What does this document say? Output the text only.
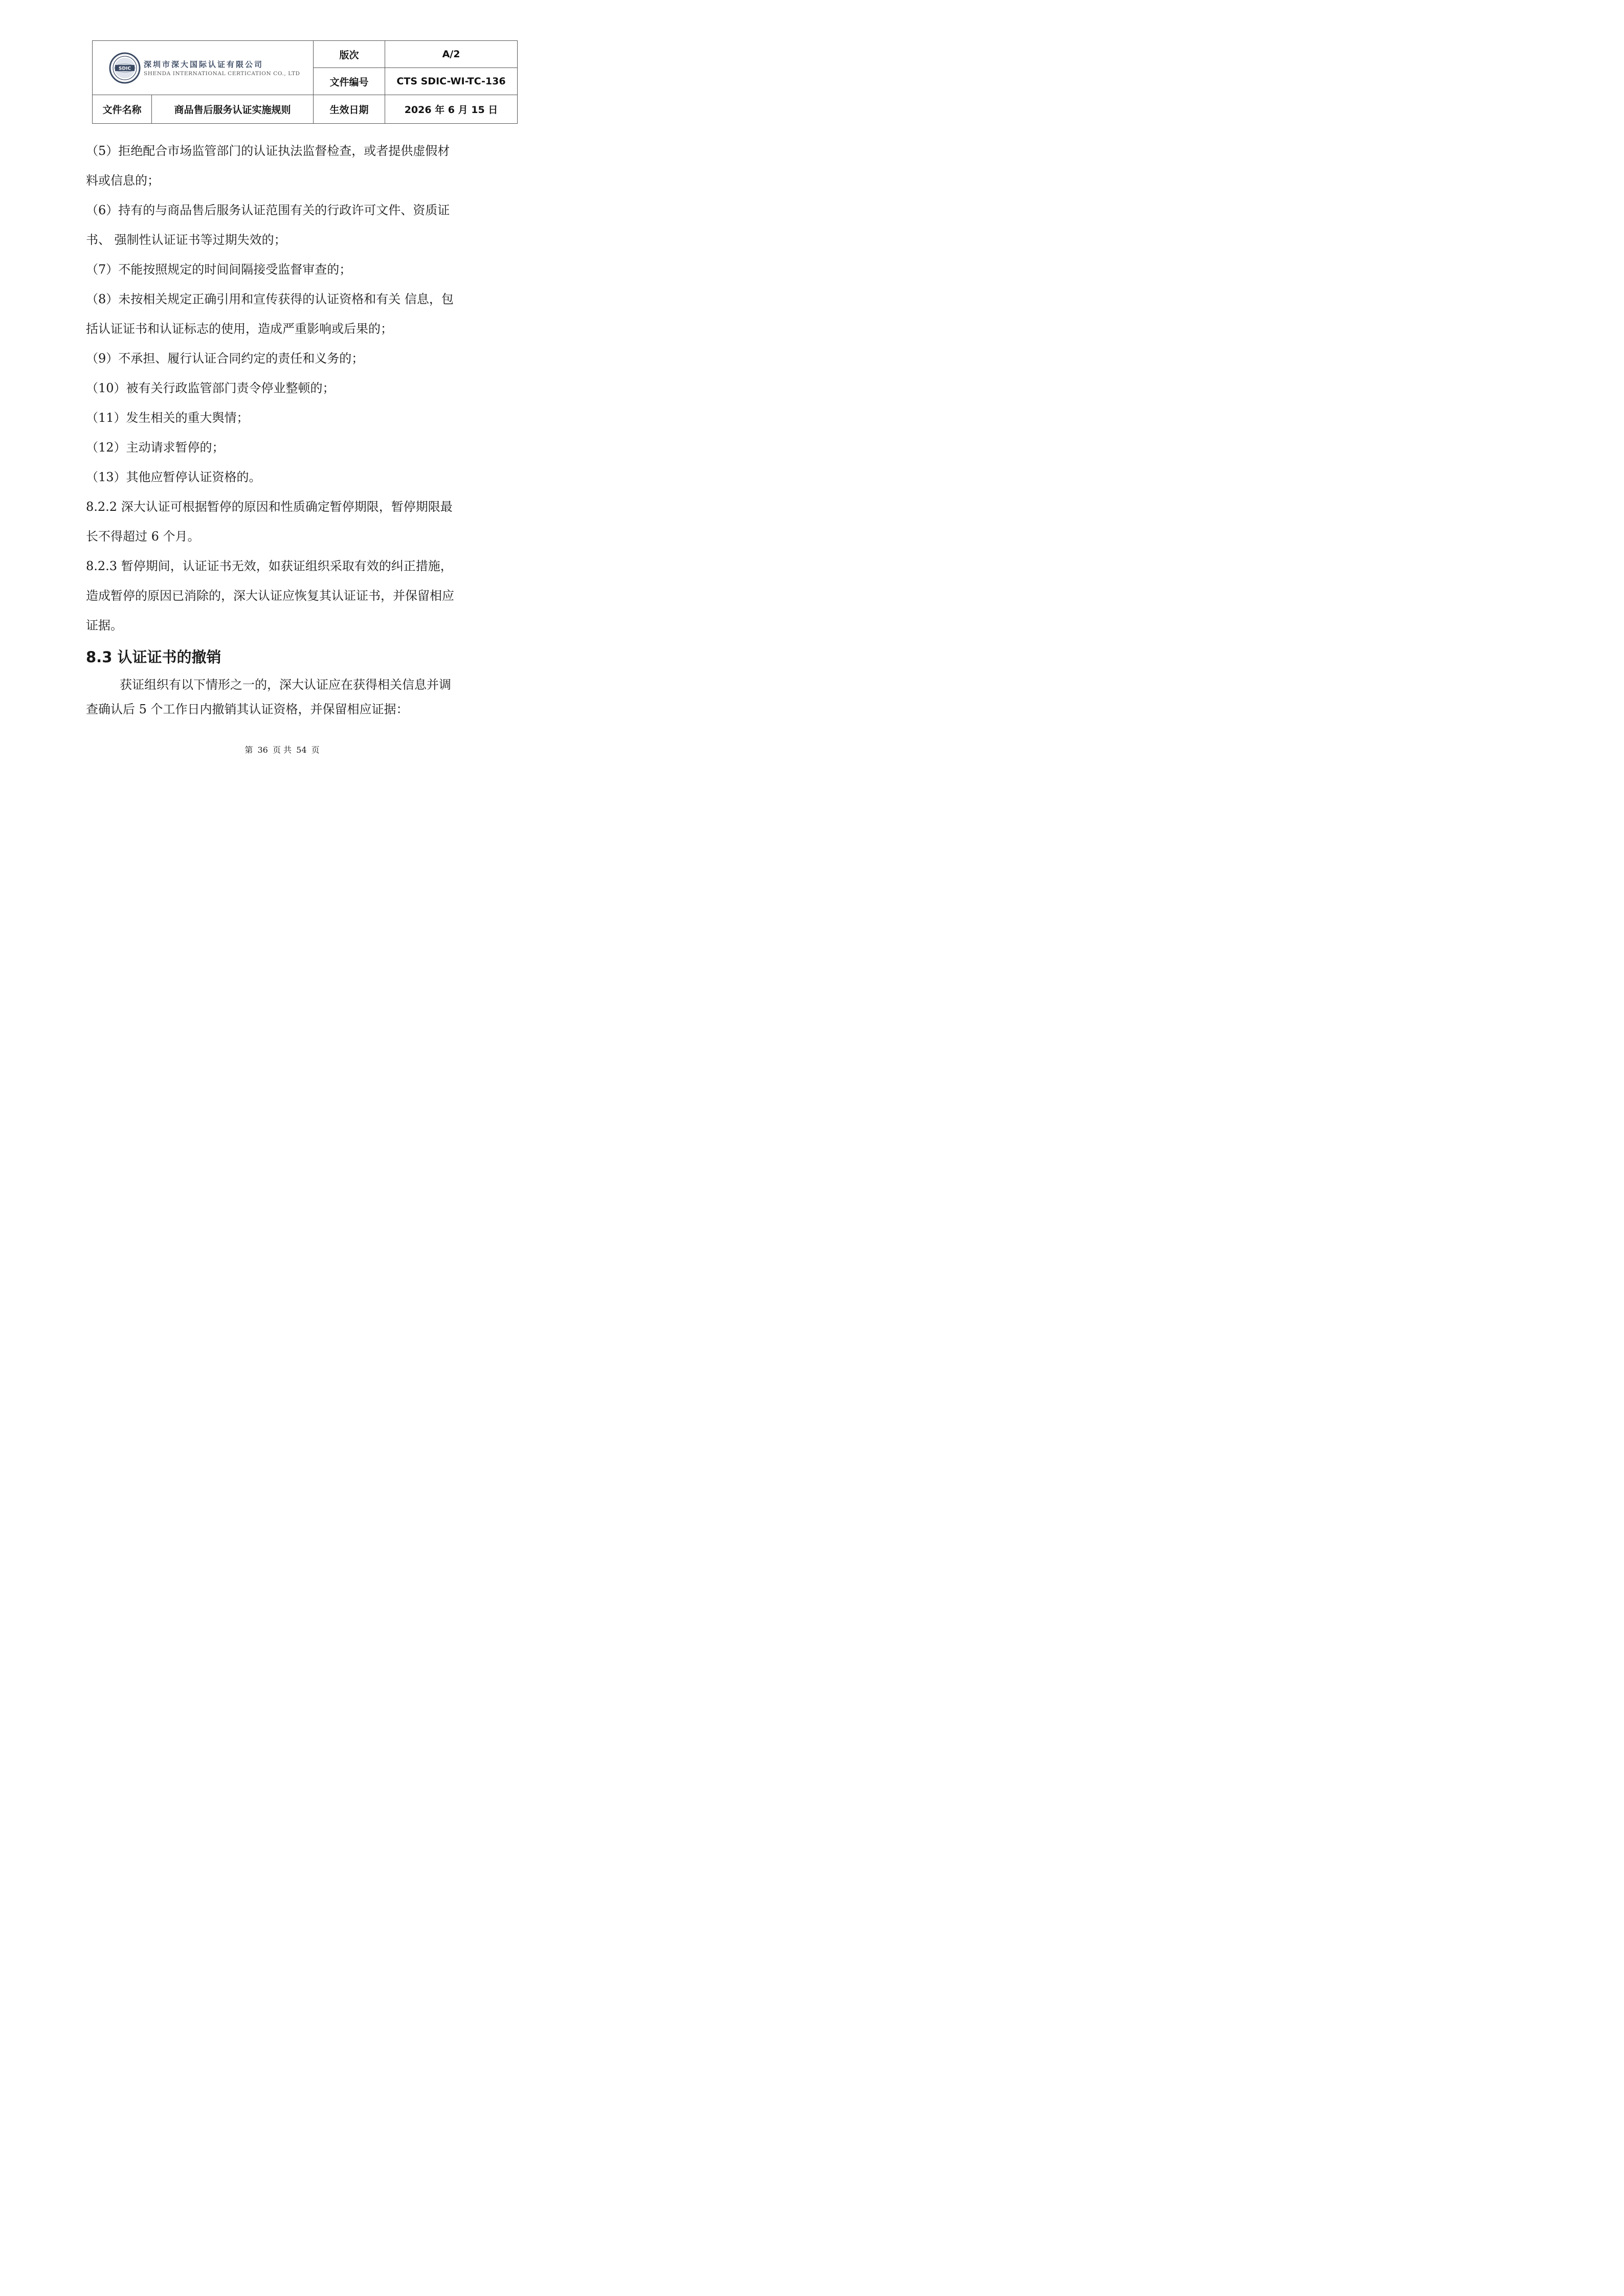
SDIC 深圳市深大国际认证有限公司
SHENDA INTERNATIONAL CERTICATION CO., LTD	版次	A/2
	文件编号	CTS SDIC-WI-TC-136

文件名称 商品售后服务认证实施规则	生效日期	2026 年 6 月 15 日
（5）拒绝配合市场监管部门的认证执法监督检查，或者提供虚假材
料或信息的；
（6）持有的与商品售后服务认证范围有关的行政许可文件、资质证
书、 强制性认证证书等过期失效的；
（7）不能按照规定的时间间隔接受监督审查的；
（8）未按相关规定正确引用和宣传获得的认证资格和有关 信息，包
括认证证书和认证标志的使用，造成严重影响或后果的；
（9）不承担、履行认证合同约定的责任和义务的；
（10）被有关行政监管部门责令停业整顿的；
（11）发生相关的重大舆情；
（12）主动请求暂停的；
（13）其他应暂停认证资格的。
8.2.2 深大认证可根据暂停的原因和性质确定暂停期限，暂停期限最
长不得超过 6 个月。
8.2.3 暂停期间，认证证书无效，如获证组织采取有效的纠正措施，
造成暂停的原因已消除的，深大认证应恢复其认证证书，并保留相应
证据。
8.3 认证证书的撤销
获证组织有以下情形之一的，深大认证应在获得相关信息并调
查确认后 5 个工作日内撤销其认证资格，并保留相应证据：
第 36 页 共 54 页
